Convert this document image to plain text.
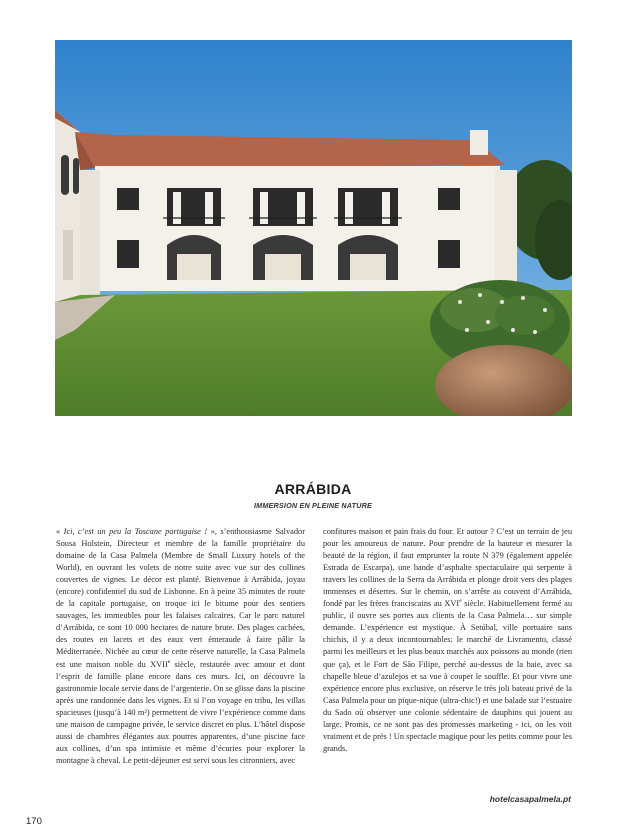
ARRÁBIDA
IMMERSION EN PLEINE NATURE

« Ici, c’est un peu la Toscane portugaise ! », s’enthousiasme Salvador Sousa Holstein, Directeur et membre de la famille propriétaire du domaine de la Casa Palmela (Membre de Small Luxury hotels of the World), en ouvrant les volets de notre suite avec vue sur des collines couvertes de vignes. Le décor est planté. Bienvenue à Arrábida, joyau (encore) confidentiel du sud de Lisbonne. En à peine 35 minutes de route de la capitale portugaise, on troque ici le bitume pour des sentiers sauvages, les immeubles pour les falaises calcaires. Car le parc naturel d’Arrábida, ce sont 10 000 hectares de nature brute. Des plages cachées, des routes en lacets et des eaux vert émeraude à faire pâlir la Méditerranée. Nichée au cœur de cette réserve naturelle, la Casa Palmela est une maison noble du XVIIe siècle, restaurée avec amour et dont l’esprit de famille plane encore dans ces murs. Ici, on découvre la gastronomie locale servie dans de l’argenterie. On se glisse dans la piscine après une randonnée dans les vignes. Et si l’on voyage en tribu, les villas spacieuses (jusqu’à 140 m²) permettent de vivre l’expérience comme dans une maison de campagne privée, le service discret en plus. L’hôtel dispose aussi de chambres élégantes aux poutres apparentes, d’une piscine face aux collines, d’un spa intimiste et même d’écuries pour explorer la montagne à cheval. Le petit-déjeuner est servi sous les citronniers, avec

confitures maison et pain frais du four. Et autour ? C’est un terrain de jeu pour les amoureux de nature. Pour prendre de la hauteur et mesurer la beauté de la région, il faut emprunter la route N 379 (également appelée Estrada de Escarpa), une bande d’asphalte spectaculaire qui serpente à travers les collines de la Serra da Arrábida et plonge droit vers des plages immenses et désertes. Sur le chemin, on s’arrête au couvent d’Arrábida, fondé par les frères franciscains au XVIe siècle. Habituellement fermé au public, il ouvre ses portes aux clients de la Casa Palmela… sur simple demande. L’expérience est mystique. À Setúbal, ville portuaire sans chichis, il y a deux incontournables: le marché de Livramento, classé parmi les meilleurs et les plus beaux marchés aux poissons au monde (rien que ça), et le Fort de São Filipe, perché au-dessus de la baie, avec sa chapelle bleue d’azulejos et sa vue à couper le souffle. Et pour vivre une expérience encore plus exclusive, on réserve le très joli bateau privé de la Casa Palmela pour un pique-nique (ultra-chic!) et une balade sur l’estuaire du Sado où observer une colonie sédentaire de dauphins qui jouent au large. Promis, ce ne sont pas des promesses marketing - ici, on les voit vraiment et de près ! Un spectacle magique pour les petits comme pour les grands.

hotelcasapalmela.pt
170
